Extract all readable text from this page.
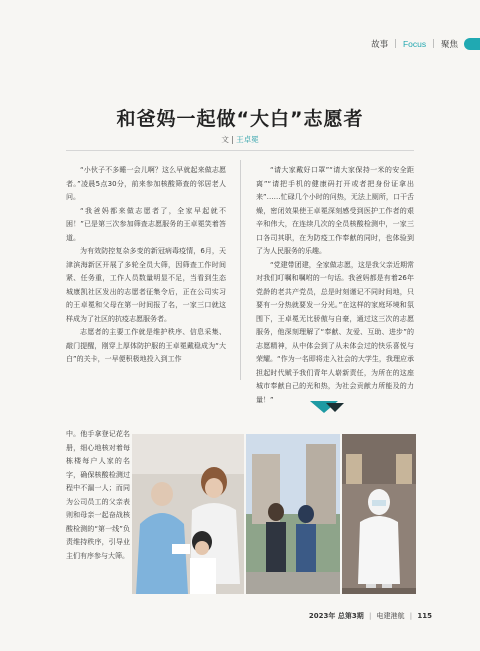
故事 | Focus | 聚焦
和爸妈一起做“大白”志愿者
文 | 王卓冕

“小伙子不多睡一会儿啊？这么早就起来做志愿者。”凌晨5点30分，前来参加核酸筛查的邻居老人问。

“我爸妈都来做志愿者了，全家早起就不困！”已是第三次参加筛查志愿服务的王卓冕笑着答道。

为有效防控复杂多变的新冠病毒疫情，6月，天津滨海新区开展了多轮全员大筛，因筛查工作时间紧、任务重，工作人员数量明显不足，当看到生态城康凯社区发出的志愿者征集令后，正在公司实习的王卓冕和父母在第一时间报了名，一家三口就这样成为了社区的抗疫志愿服务者。

志愿者的主要工作就是维护秩序、信息采集、敲门提醒，刚穿上厚体防护服的王卓冕戴稳成为“大白”的关卡，一早便积极地投入到工作

中。他手拿登记花名册，细心地核对着每栋楼每户人家的名字，确保核酸检测过程中不漏一人；而同为公司员工的父亲表则和母亲一起奋战核酸检测的“第一线”负责维持秩序，引导业主们有序参与大筛。

“请大家戴好口罩”“请大家保持一米的安全距离”“请把手机的健康码打开或者把身份证拿出来”……忙碌几个小时的问热，无法上厕所，口干舌燥，密闭效果使王卓冕深刻感受到医护工作者的艰辛和伟大，在连续几次的全员核酸检测中，一家三口各司其职，在为防疫工作奉献的同时，也体验到了为人民服务的乐趣。

“党建带团建，全家做志愿，这是我父亲近期常对我们叮嘱和嘱咐的一句话。我爸妈都是有着26年党龄的老共产党员，总是时刻谨记不同时间地，只要有一分热就要发一分光。”在这样的家庭环境和氛围下，王卓冕无比骄傲与自豪，通过这三次的志愿服务，他深刻理解了“奉献、友爱、互助、进步”的志愿精神，从中体会到了从未体会过的快乐喜悦与荣耀。“作为一名即将走入社会的大学生，我理应承担起时代赋予我们青年人崭新责任，为所在的这座城市奉献自己的光和热，为社会贡献力所能及的力量！”

2023年 总第3期 | 电建港航 | 115
